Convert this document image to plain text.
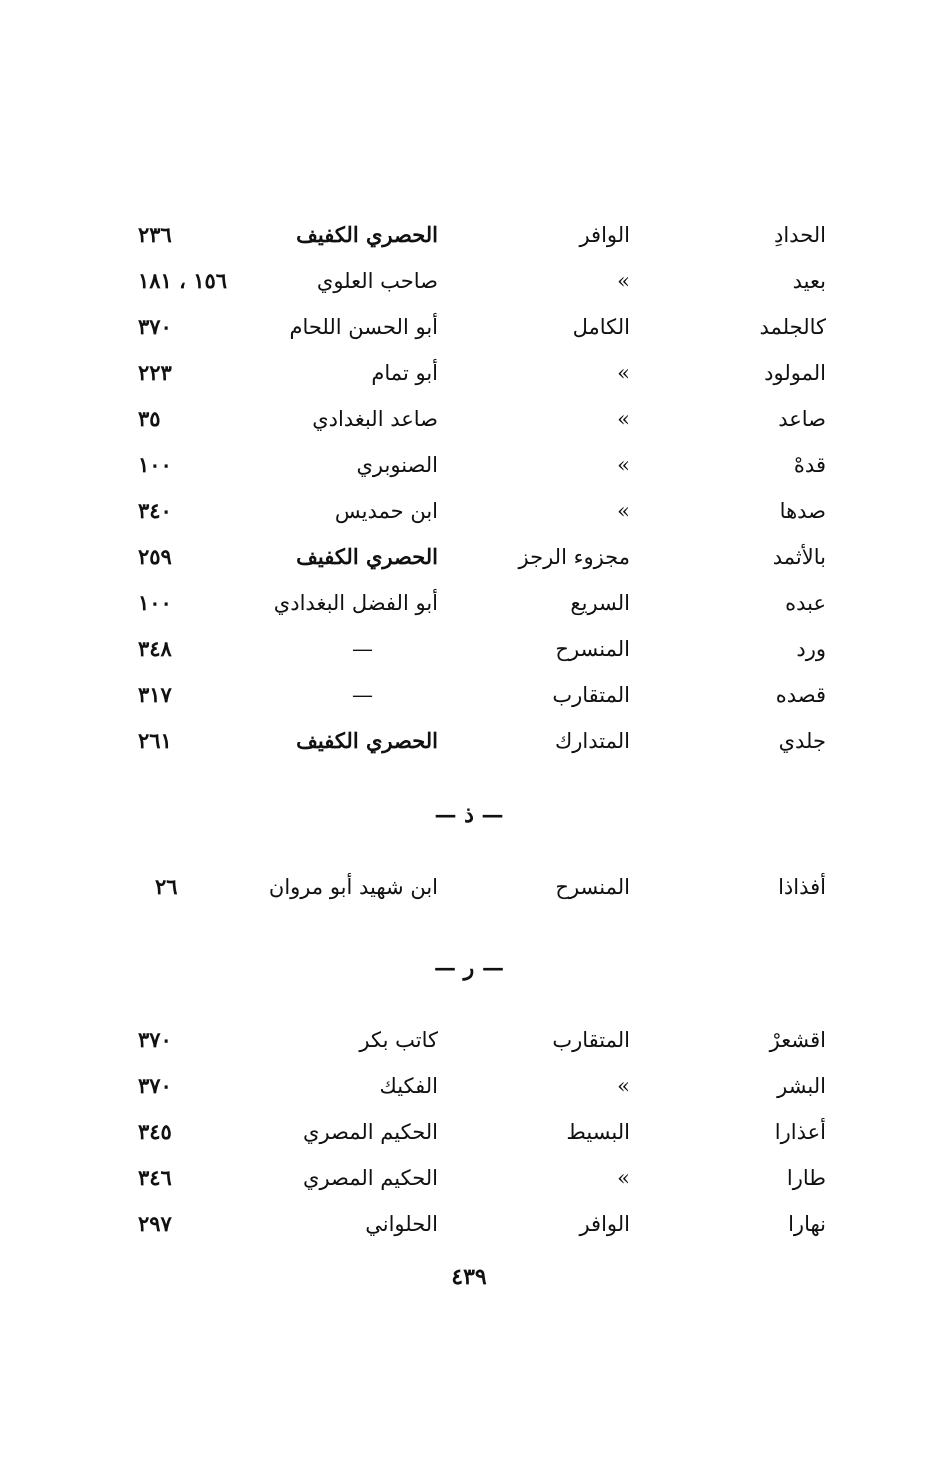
الحدادِ
الوافر
الحصري الكفيف
٢٣٦
بعيد
»
صاحب العلوي
١٥٦ ، ١٨١
كالجلمد
الكامل
أبو الحسن اللحام
٣٧٠
المولود
»
أبو تمام
٢٢٣
صاعد
»
صاعد البغدادي
٣٥
قدهْ
»
الصنوبري
١٠٠
صدها
»
ابن حمديس
٣٤٠
بالأثمد
مجزوء الرجز
الحصري الكفيف
٢٥٩
عبده
السريع
أبو الفضل البغدادي
١٠٠
ورد
المنسرح
—
٣٤٨
قصده
المتقارب
—
٣١٧
جلدي
المتدارك
الحصري الكفيف
٢٦١
— ذ —
أفذاذا
المنسرح
ابن شهيد أبو مروان
٢٦
— ر —
اقشعرْ
المتقارب
كاتب بكر
٣٧٠
البشر
»
الفكيك
٣٧٠
أعذارا
البسيط
الحكيم المصري
٣٤٥
طارا
»
الحكيم المصري
٣٤٦
نهارا
الوافر
الحلواني
٢٩٧
٤٣٩
